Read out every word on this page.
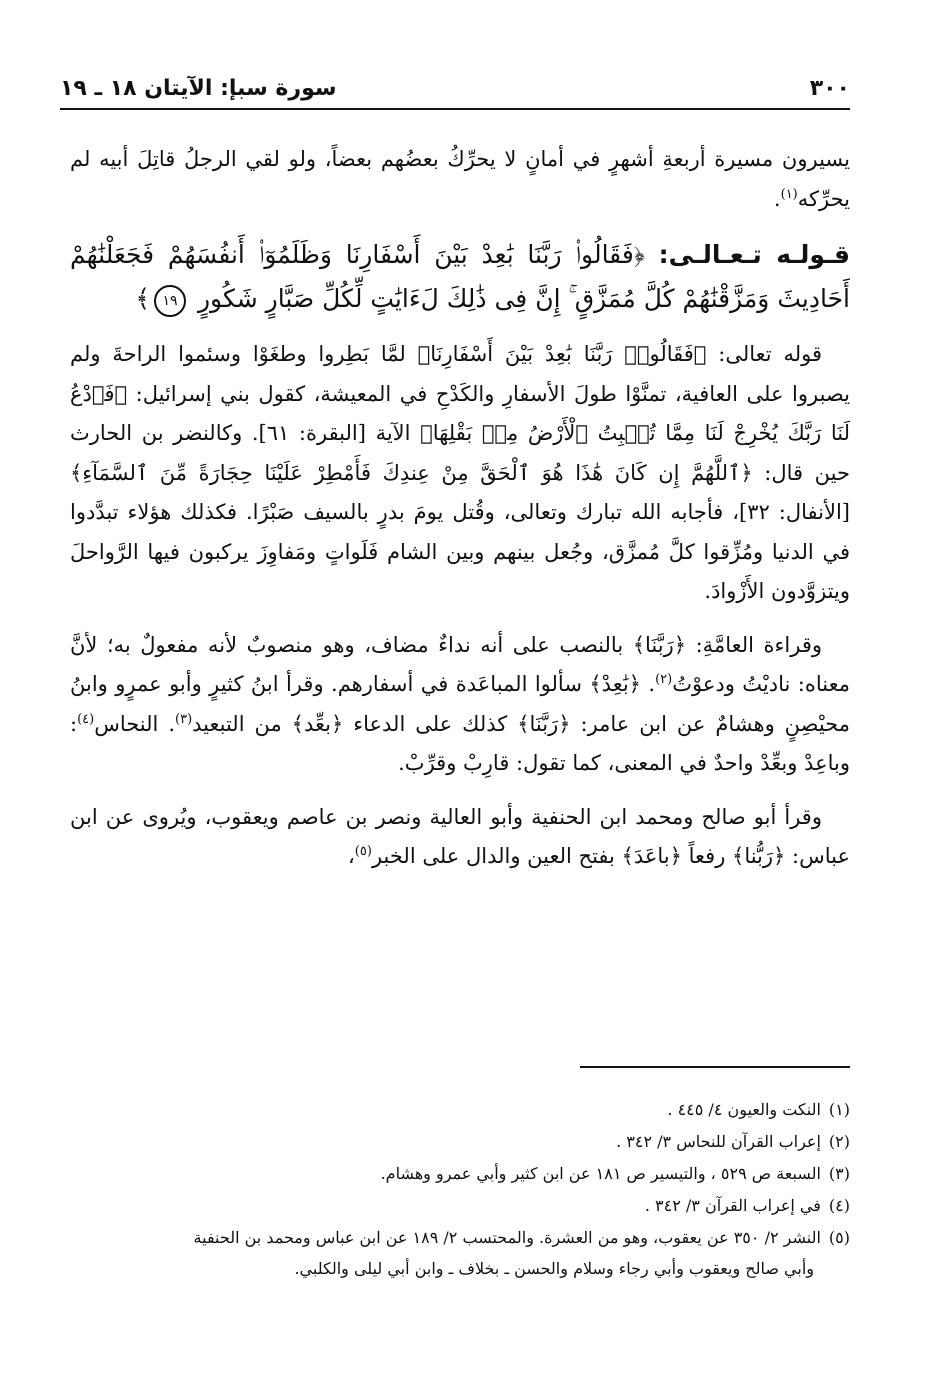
٣٠٠
سورة سبإ: الآيتان ١٨ ـ ١٩

يسيرون مسيرة أربعةِ أشهرٍ في أمانٍ لا يحرِّكُ بعضُهم بعضاً، ولو لقي الرجلُ قاتِلَ أبيه لم يحرِّكه$^{(١)}$.

قـولـه تـعـالـى: ﴿فَقَالُوا۟ رَبَّنَا بَٰعِدْ بَيْنَ أَسْفَارِنَا وَظَلَمُوٓا۟ أَنفُسَهُمْ فَجَعَلْنَٰهُمْ أَحَادِيثَ وَمَزَّقْنَٰهُمْ كُلَّ مُمَزَّقٍ ۚ إِنَّ فِى ذَٰلِكَ لَءَايَٰتٍ لِّكُلِّ صَبَّارٍ شَكُورٍ ١٩﴾

قوله تعالى: ﴿فَقَالُوا۟ رَبَّنَا بَٰعِدْ بَيْنَ أَسْفَارِنَا﴾ لمَّا بَطِروا وطغَوْا وسئموا الراحةَ ولم يصبروا على العافية، تمنَّوْا طولَ الأسفارِ والكَدْحِ في المعيشة، كقول بني إسرائيل: ﴿فَٱدْعُ لَنَا رَبَّكَ يُخْرِجْ لَنَا مِمَّا تُنۢبِتُ ٱلْأَرْضُ مِنۢ بَقْلِهَا﴾ الآية [البقرة: ٦١]. وكالنضر بن الحارث حين قال: ﴿ٱللَّهُمَّ إِن كَانَ هَٰذَا هُوَ ٱلْحَقَّ مِنْ عِندِكَ فَأَمْطِرْ عَلَيْنَا حِجَارَةً مِّنَ ٱلسَّمَآءِ﴾ [الأنفال: ٣٢]، فأجابه الله تبارك وتعالى، وقُتل يومَ بدرٍ بالسيف صَبْرًا. فكذلك هؤلاء تبدَّدوا في الدنيا ومُزِّقوا كلَّ مُمزَّق، وجُعل بينهم وبين الشام فَلَواتٍ ومَفاوِزَ يركبون فيها الرَّواحلَ ويتزوَّدون الأَزْوادَ.

وقراءة العامَّةِ: ﴿رَبَّنَا﴾ بالنصب على أنه نداءٌ مضاف، وهو منصوبٌ لأنه مفعولٌ به؛ لأنَّ معناه: ناديْتُ ودعوْتُ$^{(٢)}$. ﴿بَٰعِدْ﴾ سألوا المباعَدة في أسفارهم. وقرأ ابنُ كثيرٍ وأبو عمرٍو وابنُ محيْصِنٍ وهشامٌ عن ابن عامر: ﴿رَبَّنَا﴾ كذلك على الدعاء ﴿بعِّد﴾ من التبعيد$^{(٣)}$. النحاس$^{(٤)}$: وباعِدْ وبعِّدْ واحدٌ في المعنى، كما تقول: قارِبْ وقرِّبْ.

وقرأ أبو صالح ومحمد ابن الحنفية وأبو العالية ونصر بن عاصم ويعقوب، ويُروى عن ابن عباس: ﴿رَبُّنا﴾ رفعاً ﴿باعَدَ﴾ بفتح العين والدال على الخبر$^{(٥)}$،

(١)النكت والعيون ٤/ ٤٤٥ .
(٢)إعراب القرآن للنحاس ٣/ ٣٤٢ .
(٣)السبعة ص ٥٢٩ ، والتيسير ص ١٨١ عن ابن كثير وأبي عمرو وهشام.
(٤)في إعراب القرآن ٣/ ٣٤٢ .
(٥)النشر ٢/ ٣٥٠ عن يعقوب، وهو من العشرة. والمحتسب ٢/ ١٨٩ عن ابن عباس ومحمد بن الحنفية
وأبي صالح ويعقوب وأبي رجاء وسلام والحسن ـ بخلاف ـ وابن أبي ليلى والكلبي.
